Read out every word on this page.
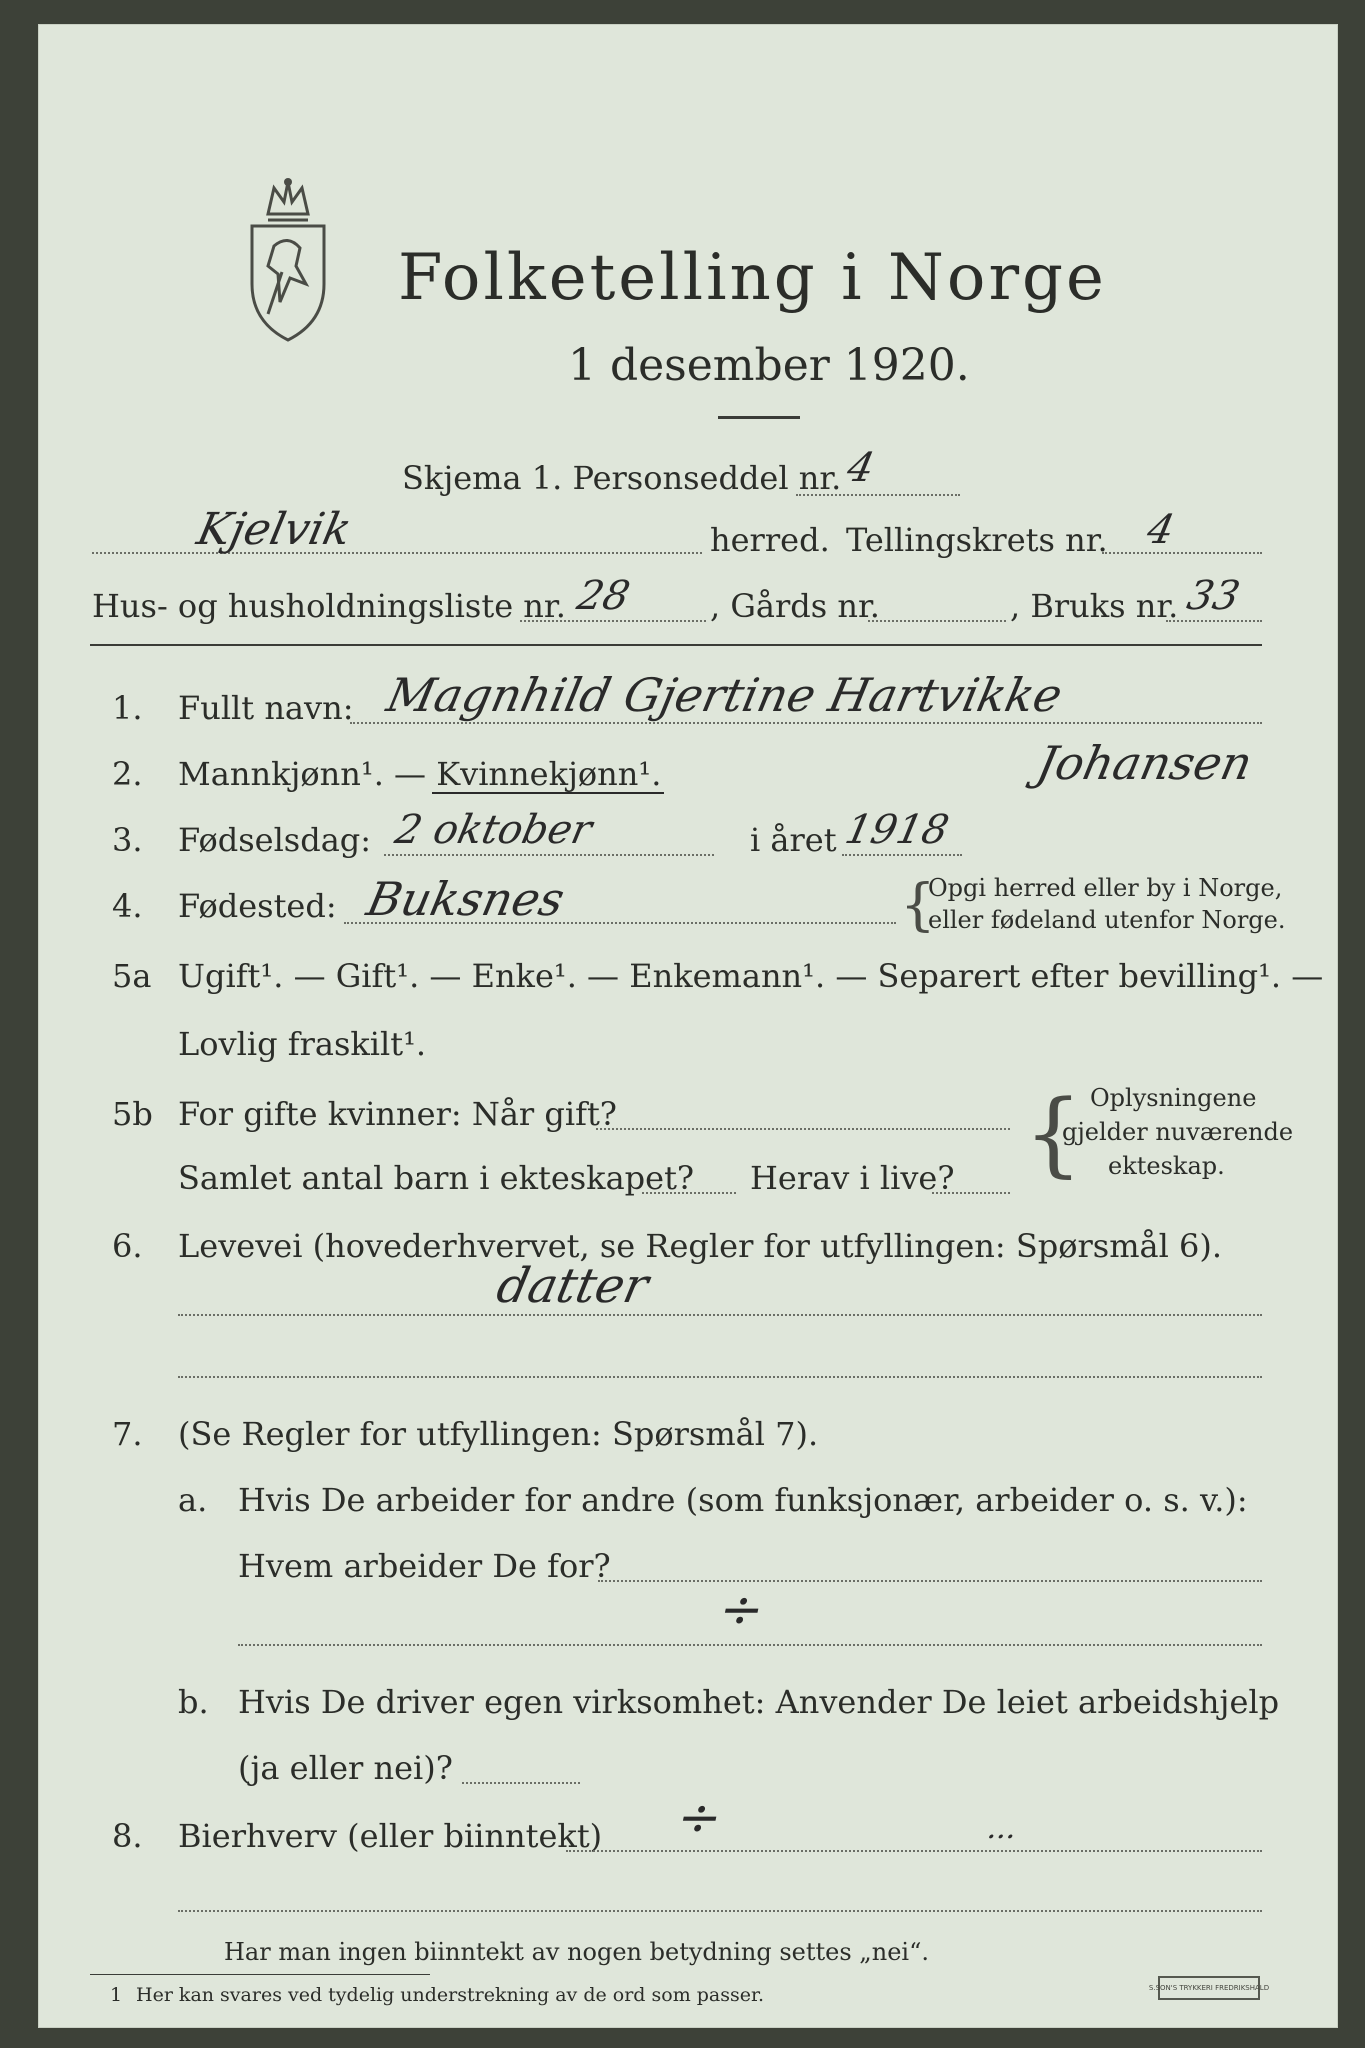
Folketelling i Norge
1 desember 1920.
Skjema 1. Personseddel nr. 4
Kjelvik	herred. Tellingskrets nr. 4
Hus- og husholdningsliste nr. 28 , Gårds nr.	, Bruks nr. 33
1. Fullt navn: Magnhild Gjertine Hartvikke
2. Mannkjønn¹. — Kvinnekjønn¹.	Johansen
3. Fødselsdag: 2 oktober	i året 1918
4. Fødested: Buksnes	{
Opgi herred eller by i Norge,
eller fødeland utenfor Norge.
5a Ugift¹. — Gift¹. — Enke¹. — Enkemann¹. — Separert efter bevilling¹. —
Lovlig fraskilt¹.
5b For gifte kvinner: Når gift?
Samlet antal barn i ekteskapet? Herav i live? { Oplysningene
gjelder nuværende
ekteskap.
6. Levevei (hovederhvervet, se Regler for utfyllingen: Spørsmål 6).
datter
7. (Se Regler for utfyllingen: Spørsmål 7).
a. Hvis De arbeider for andre (som funksjonær, arbeider o. s. v.):
Hvem arbeider De for?
÷
b. Hvis De driver egen virksomhet: Anvender De leiet arbeidshjelp
(ja eller nei)?
8. Bierhverv (eller biinntekt) ÷	...
Har man ingen biinntekt av nogen betydning settes „nei“.
1 Her kan svares ved tydelig understrekning av de ord som passer.	S.SON'S TRYKKERI FREDRIKSHALD
